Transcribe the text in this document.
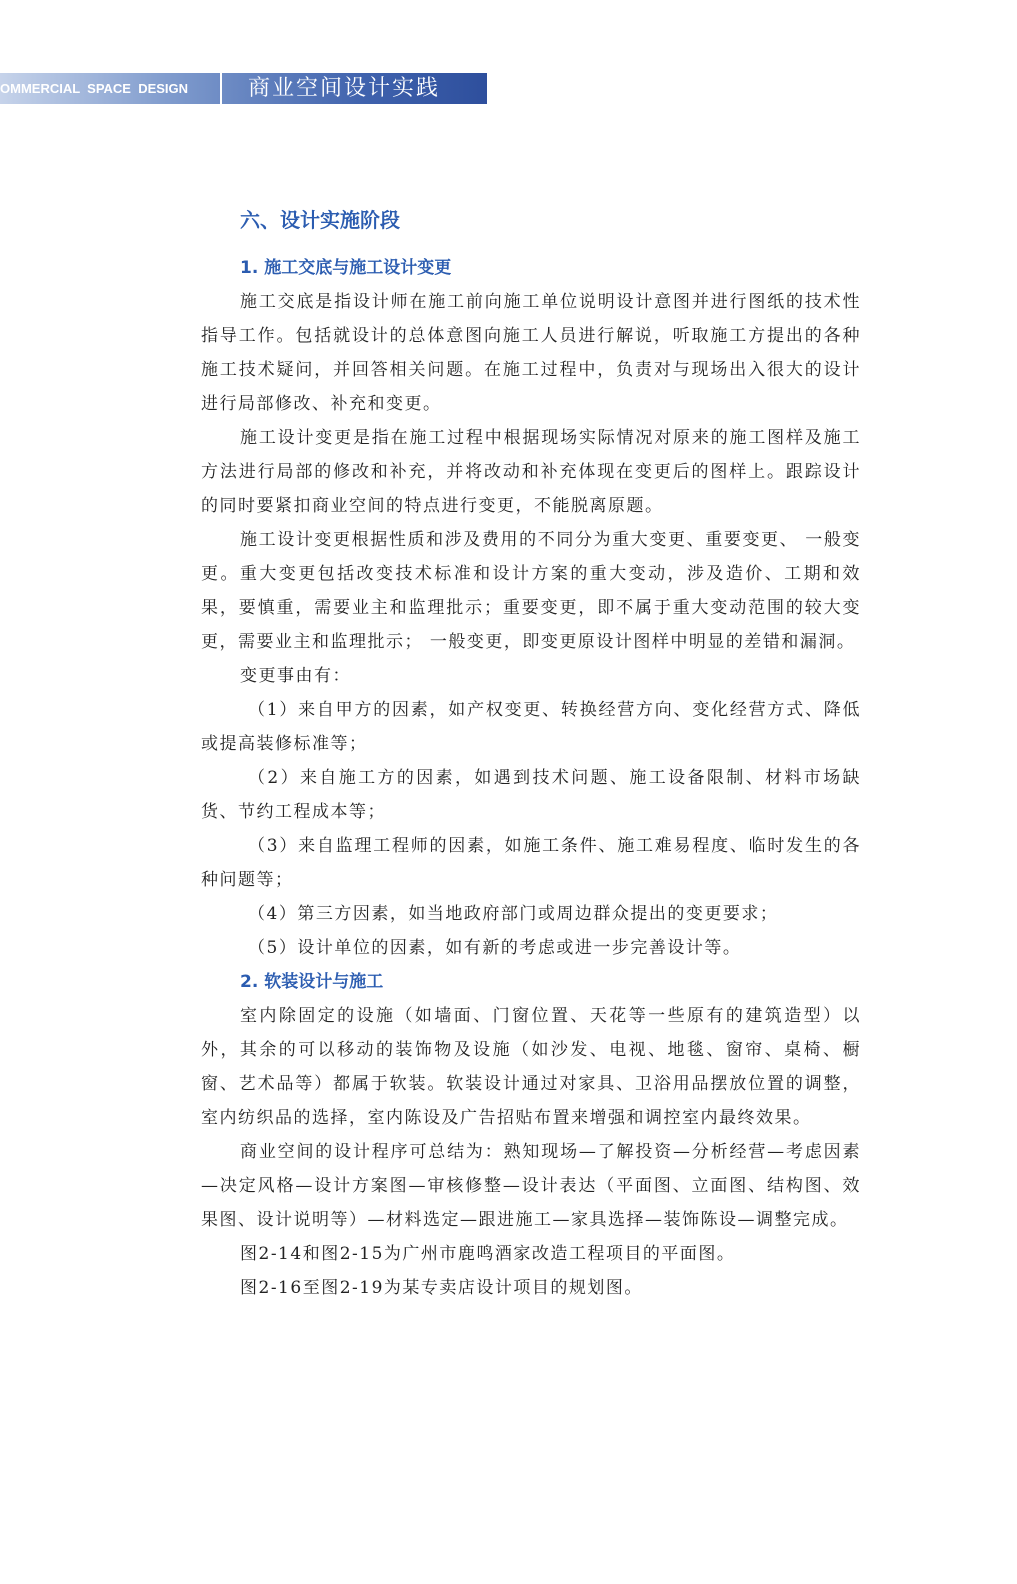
OMMERCIAL  SPACE  DESIGN	商业空间设计实践
六、设计实施阶段
1. 施工交底与施工设计变更

施工交底是指设计师在施工前向施工单位说明设计意图并进行图纸的技术性指导工作。包括就设计的总体意图向施工人员进行解说，听取施工方提出的各种施工技术疑问，并回答相关问题。在施工过程中，负责对与现场出入很大的设计进行局部修改、补充和变更。

施工设计变更是指在施工过程中根据现场实际情况对原来的施工图样及施工方法进行局部的修改和补充，并将改动和补充体现在变更后的图样上。跟踪设计的同时要紧扣商业空间的特点进行变更，不能脱离原题。

施工设计变更根据性质和涉及费用的不同分为重大变更、重要变更、 一般变更。重大变更包括改变技术标准和设计方案的重大变动，涉及造价、工期和效果，要慎重，需要业主和监理批示；重要变更，即不属于重大变动范围的较大变更，需要业主和监理批示； 一般变更，即变更原设计图样中明显的差错和漏洞。

变更事由有：

（1）来自甲方的因素，如产权变更、转换经营方向、变化经营方式、降低或提高装修标准等；

（2）来自施工方的因素，如遇到技术问题、施工设备限制、材料市场缺货、节约工程成本等；

（3）来自监理工程师的因素，如施工条件、施工难易程度、临时发生的各种问题等；

（4）第三方因素，如当地政府部门或周边群众提出的变更要求；

（5）设计单位的因素，如有新的考虑或进一步完善设计等。

2. 软装设计与施工

室内除固定的设施（如墙面、门窗位置、天花等一些原有的建筑造型）以外，其余的可以移动的装饰物及设施（如沙发、电视、地毯、窗帘、桌椅、橱窗、艺术品等）都属于软装。软装设计通过对家具、卫浴用品摆放位置的调整，室内纺织品的选择，室内陈设及广告招贴布置来增强和调控室内最终效果。

商业空间的设计程序可总结为：熟知现场—了解投资—分析经营—考虑因素—决定风格—设计方案图—审核修整—设计表达（平面图、立面图、结构图、效果图、设计说明等）—材料选定—跟进施工—家具选择—装饰陈设—调整完成。

图2-14和图2-15为广州市鹿鸣酒家改造工程项目的平面图。

图2-16至图2-19为某专卖店设计项目的规划图。
